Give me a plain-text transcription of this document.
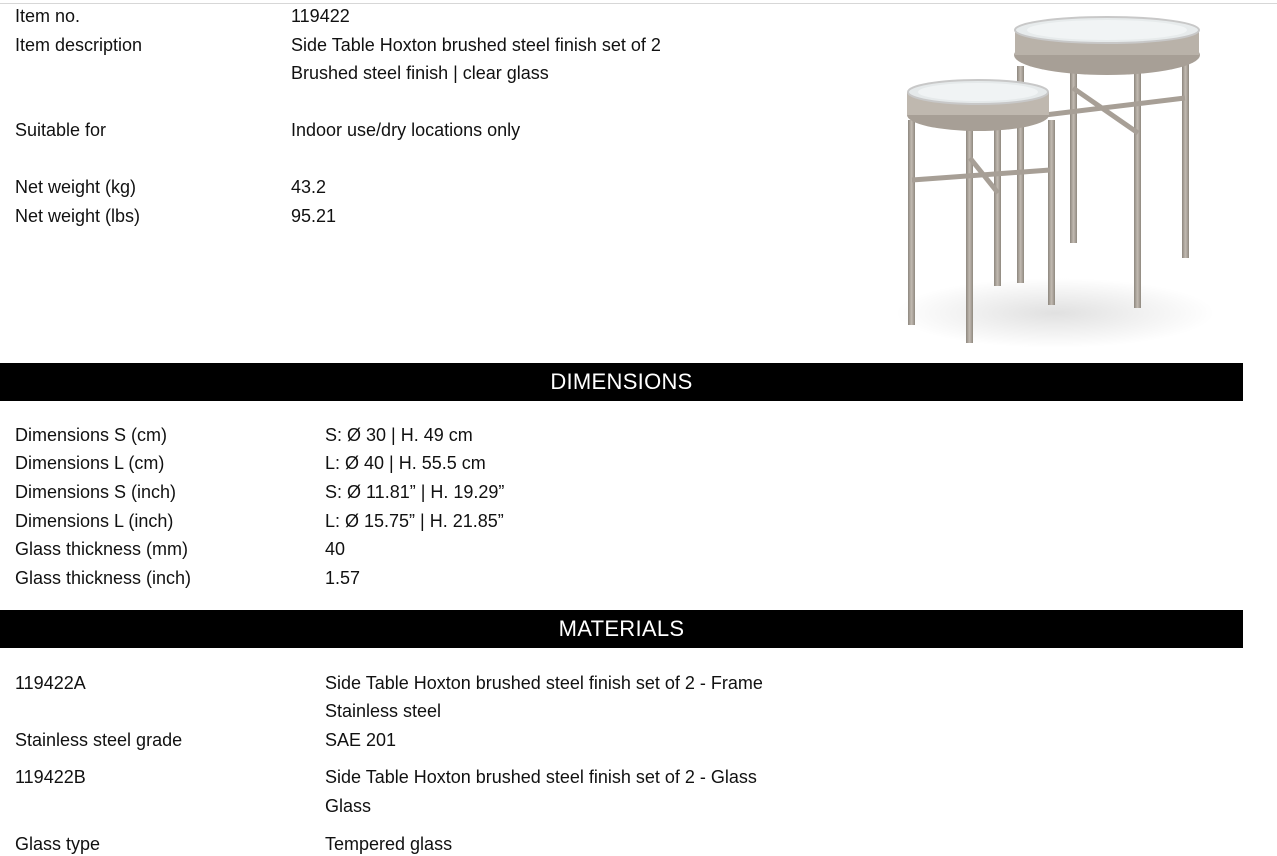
Item no.	119422
Item description	Side Table Hoxton brushed steel finish set of 2
Brushed steel finish | clear glass
Suitable for	Indoor use/dry locations only
Net weight (kg)	43.2
Net weight (lbs)	95.21
DIMENSIONS
Dimensions S (cm)	S: Ø 30 | H. 49 cm
Dimensions L (cm)	L: Ø 40 | H. 55.5 cm
Dimensions S (inch)	S: Ø 11.81” | H. 19.29”
Dimensions L (inch)	L: Ø 15.75” | H. 21.85”
Glass thickness (mm)	40
Glass thickness (inch)	1.57
MATERIALS
119422A	Side Table Hoxton brushed steel finish set of 2 - Frame
Stainless steel
Stainless steel grade	SAE 201
119422B	Side Table Hoxton brushed steel finish set of 2 - Glass
Glass
Glass type	Tempered glass
